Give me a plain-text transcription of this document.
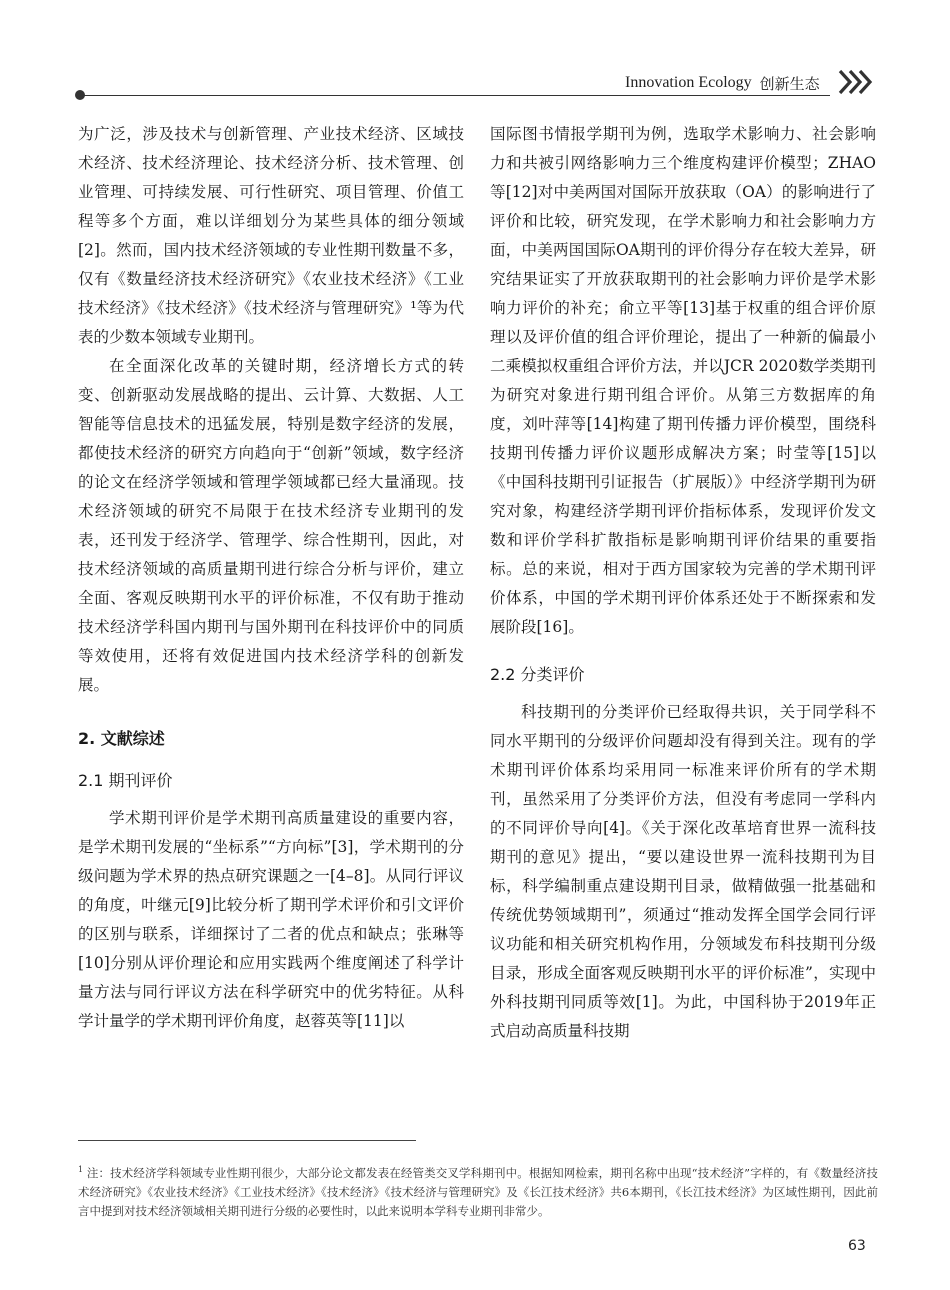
Innovation Ecology 创新生态

为广泛，涉及技术与创新管理、产业技术经济、区域技术经济、技术经济理论、技术经济分析、技术管理、创业管理、可持续发展、可行性研究、项目管理、价值工程等多个方面，难以详细划分为某些具体的细分领域[2]。然而，国内技术经济领域的专业性期刊数量不多，仅有《数量经济技术经济研究》《农业技术经济》《工业技术经济》《技术经济》《技术经济与管理研究》¹等为代表的少数本领域专业期刊。

在全面深化改革的关键时期，经济增长方式的转变、创新驱动发展战略的提出、云计算、大数据、人工智能等信息技术的迅猛发展，特别是数字经济的发展，都使技术经济的研究方向趋向于“创新”领域，数字经济的论文在经济学领域和管理学领域都已经大量涌现。技术经济领域的研究不局限于在技术经济专业期刊的发表，还刊发于经济学、管理学、综合性期刊，因此，对技术经济领域的高质量期刊进行综合分析与评价，建立全面、客观反映期刊水平的评价标准，不仅有助于推动技术经济学科国内期刊与国外期刊在科技评价中的同质等效使用，还将有效促进国内技术经济学科的创新发展。

2. 文献综述
2.1 期刊评价

学术期刊评价是学术期刊高质量建设的重要内容，是学术期刊发展的“坐标系”“方向标”[3]，学术期刊的分级问题为学术界的热点研究课题之一[4–8]。从同行评议的角度，叶继元[9]比较分析了期刊学术评价和引文评价的区别与联系，详细探讨了二者的优点和缺点；张琳等[10]分别从评价理论和应用实践两个维度阐述了科学计量方法与同行评议方法在科学研究中的优劣特征。从科学计量学的学术期刊评价角度，赵蓉英等[11]以

国际图书情报学期刊为例，选取学术影响力、社会影响力和共被引网络影响力三个维度构建评价模型；ZHAO等[12]对中美两国对国际开放获取（OA）的影响进行了评价和比较，研究发现，在学术影响力和社会影响力方面，中美两国国际OA期刊的评价得分存在较大差异，研究结果证实了开放获取期刊的社会影响力评价是学术影响力评价的补充；俞立平等[13]基于权重的组合评价原理以及评价值的组合评价理论，提出了一种新的偏最小二乘模拟权重组合评价方法，并以JCR 2020数学类期刊为研究对象进行期刊组合评价。从第三方数据库的角度，刘叶萍等[14]构建了期刊传播力评价模型，围绕科技期刊传播力评价议题形成解决方案；时莹等[15]以《中国科技期刊引证报告（扩展版）》中经济学期刊为研究对象，构建经济学期刊评价指标体系，发现评价发文数和评价学科扩散指标是影响期刊评价结果的重要指标。总的来说，相对于西方国家较为完善的学术期刊评价体系，中国的学术期刊评价体系还处于不断探索和发展阶段[16]。

2.2 分类评价

科技期刊的分类评价已经取得共识，关于同学科不同水平期刊的分级评价问题却没有得到关注。现有的学术期刊评价体系均采用同一标准来评价所有的学术期刊，虽然采用了分类评价方法，但没有考虑同一学科内的不同评价导向[4]。《关于深化改革培育世界一流科技期刊的意见》提出，“要以建设世界一流科技期刊为目标，科学编制重点建设期刊目录，做精做强一批基础和传统优势领域期刊”，须通过“推动发挥全国学会同行评议功能和相关研究机构作用，分领域发布科技期刊分级目录，形成全面客观反映期刊水平的评价标准”，实现中外科技期刊同质等效[1]。为此，中国科协于2019年正式启动高质量科技期

$^1$ 注：技术经济学科领域专业性期刊很少，大部分论文都发表在经管类交叉学科期刊中。根据知网检索，期刊名称中出现“技术经济”字样的，有《数量经济技术经济研究》《农业技术经济》《工业技术经济》《技术经济》《技术经济与管理研究》及《长江技术经济》共6本期刊，《长江技术经济》为区域性期刊，因此前言中提到对技术经济领域相关期刊进行分级的必要性时，以此来说明本学科专业期刊非常少。
63
